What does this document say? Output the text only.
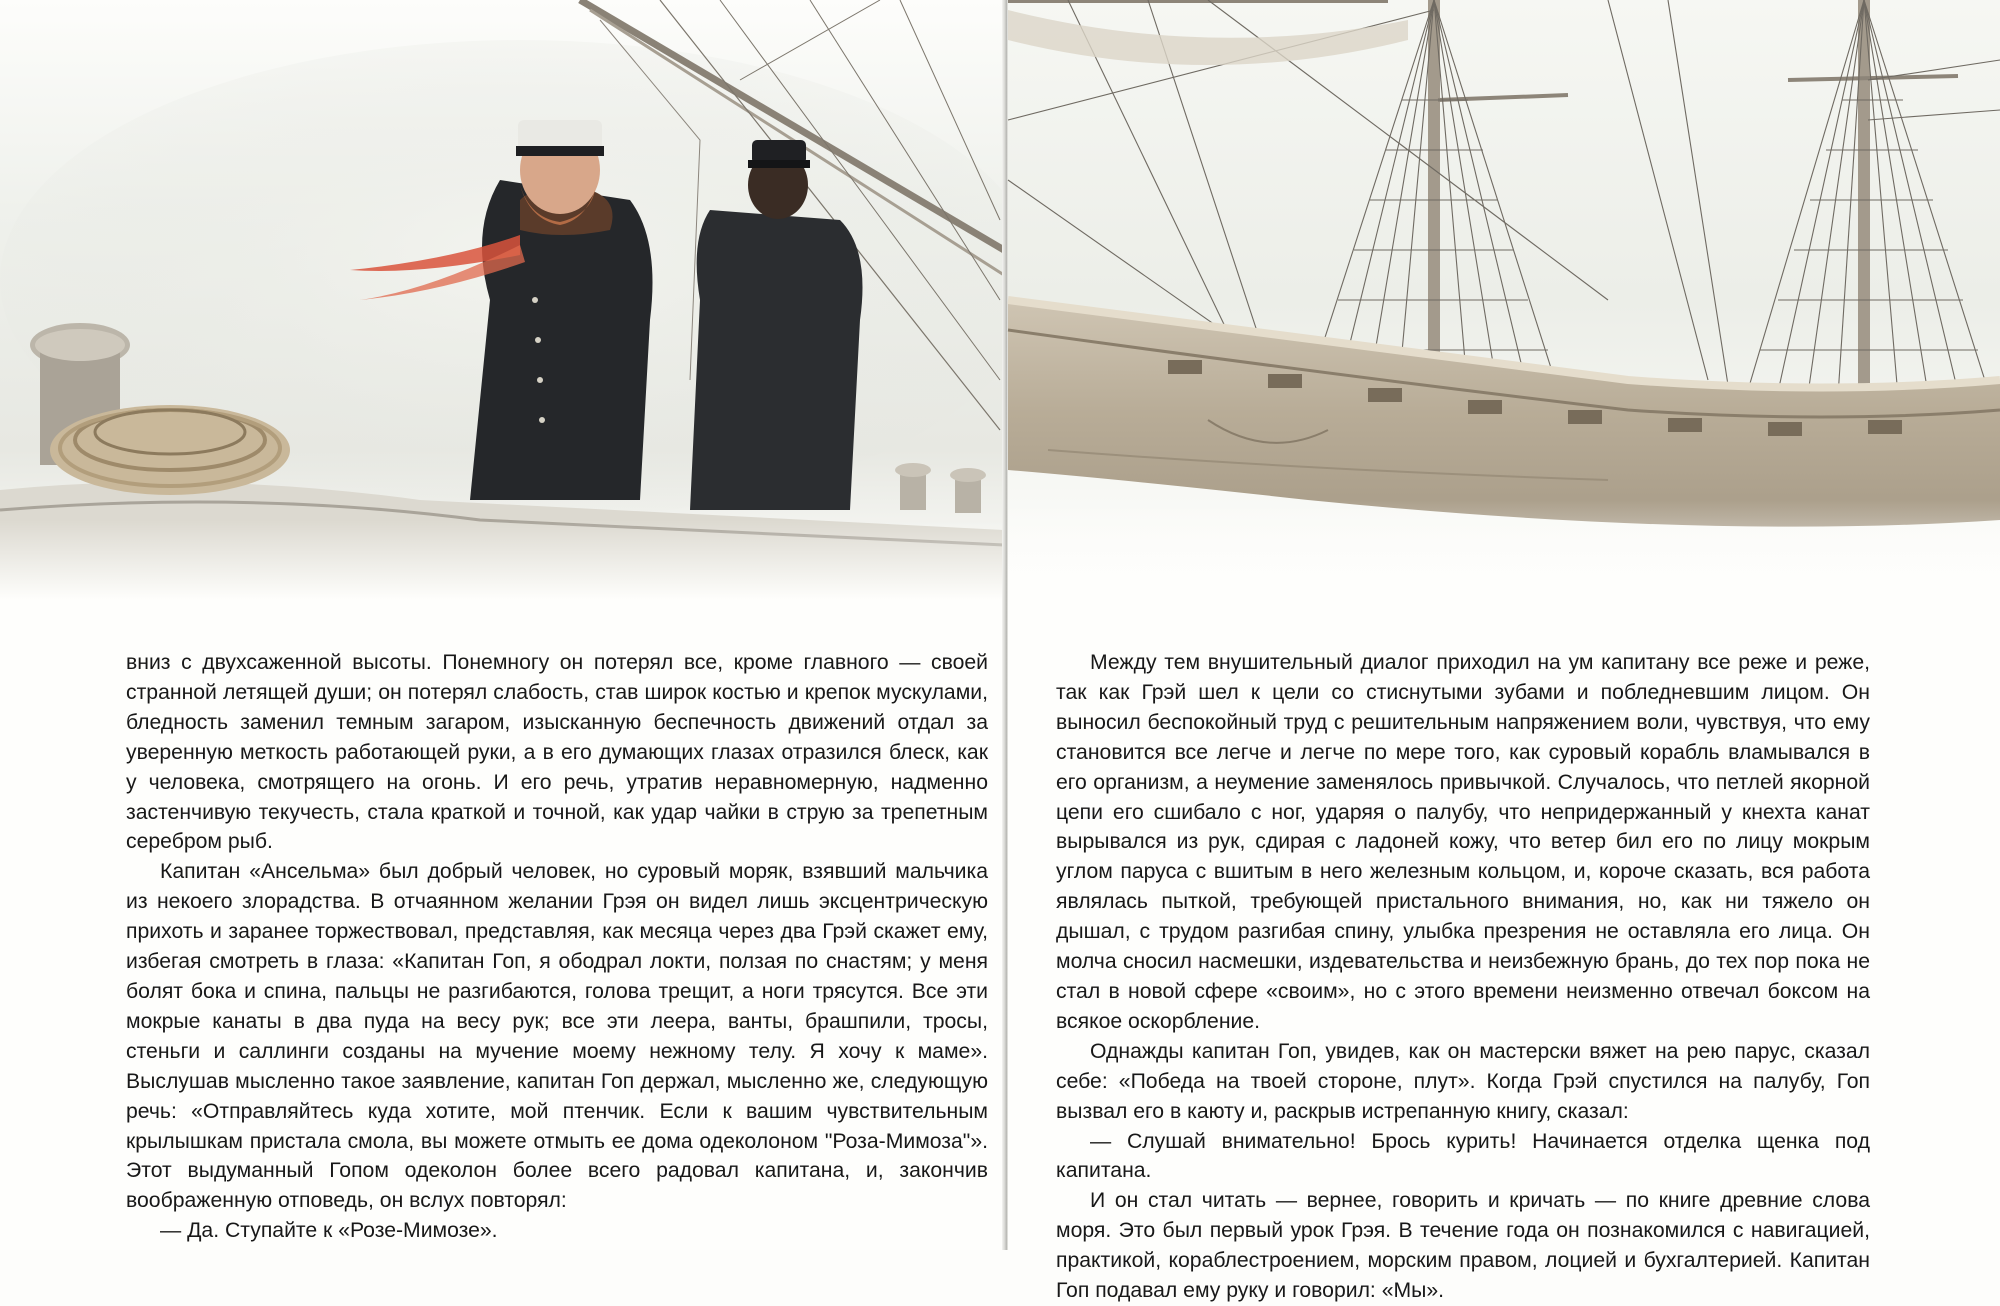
вниз с двухсаженной высоты. Понемногу он потерял все, кроме главного — своей странной летящей души; он потерял слабость, став широк костью и крепок мускулами, бледность заменил темным загаром, изысканную беспечность движений отдал за уверенную меткость работающей руки, а в его думающих глазах отразился блеск, как у человека, смотрящего на огонь. И его речь, утратив неравномерную, надменно застенчивую текучесть, стала краткой и точной, как удар чайки в струю за трепетным серебром рыб.

Капитан «Ансельма» был добрый человек, но суровый моряк, взявший мальчика из некоего злорадства. В отчаянном желании Грэя он видел лишь эксцентрическую прихоть и заранее торжествовал, представляя, как месяца через два Грэй скажет ему, избегая смотреть в глаза: «Капитан Гоп, я ободрал локти, ползая по снастям; у меня болят бока и спина, пальцы не разгибаются, голова трещит, а ноги трясутся. Все эти мокрые канаты в два пуда на весу рук; все эти леера, ванты, брашпили, тросы, стеньги и саллинги созданы на мучение моему нежному телу. Я хочу к маме». Выслушав мысленно такое заявление, капитан Гоп держал, мысленно же, следующую речь: «Отправляйтесь куда хотите, мой птенчик. Если к вашим чувствительным крылышкам пристала смола, вы можете отмыть ее дома одеколоном "Роза-Мимоза"». Этот выдуманный Гопом одеколон более всего радовал капитана, и, закончив воображенную отповедь, он вслух повторял:

— Да. Ступайте к «Розе-Мимозе».

Между тем внушительный диалог приходил на ум капитану все реже и реже, так как Грэй шел к цели со стиснутыми зубами и побледневшим лицом. Он выносил беспокойный труд с решительным напряжением воли, чувствуя, что ему становится все легче и легче по мере того, как суровый корабль вламывался в его организм, а неумение заменялось привычкой. Случалось, что петлей якорной цепи его сшибало с ног, ударяя о палубу, что непридержанный у кнехта канат вырывался из рук, сдирая с ладоней кожу, что ветер бил его по лицу мокрым углом паруса с вшитым в него железным кольцом, и, короче сказать, вся работа являлась пыткой, требующей пристального внимания, но, как ни тяжело он дышал, с трудом разгибая спину, улыбка презрения не оставляла его лица. Он молча сносил насмешки, издевательства и неизбежную брань, до тех пор пока не стал в новой сфере «своим», но с этого времени неизменно отвечал боксом на всякое оскорбление.

Однажды капитан Гоп, увидев, как он мастерски вяжет на рею парус, сказал себе: «Победа на твоей стороне, плут». Когда Грэй спустился на палубу, Гоп вызвал его в каюту и, раскрыв истрепанную книгу, сказал:

— Слушай внимательно! Брось курить! Начинается отделка щенка под капитана.

И он стал читать — вернее, говорить и кричать — по книге древние слова моря. Это был первый урок Грэя. В течение года он познакомился с навигацией, практикой, кораблестроением, морским правом, лоцией и бухгалтерией. Капитан Гоп подавал ему руку и говорил: «Мы».
